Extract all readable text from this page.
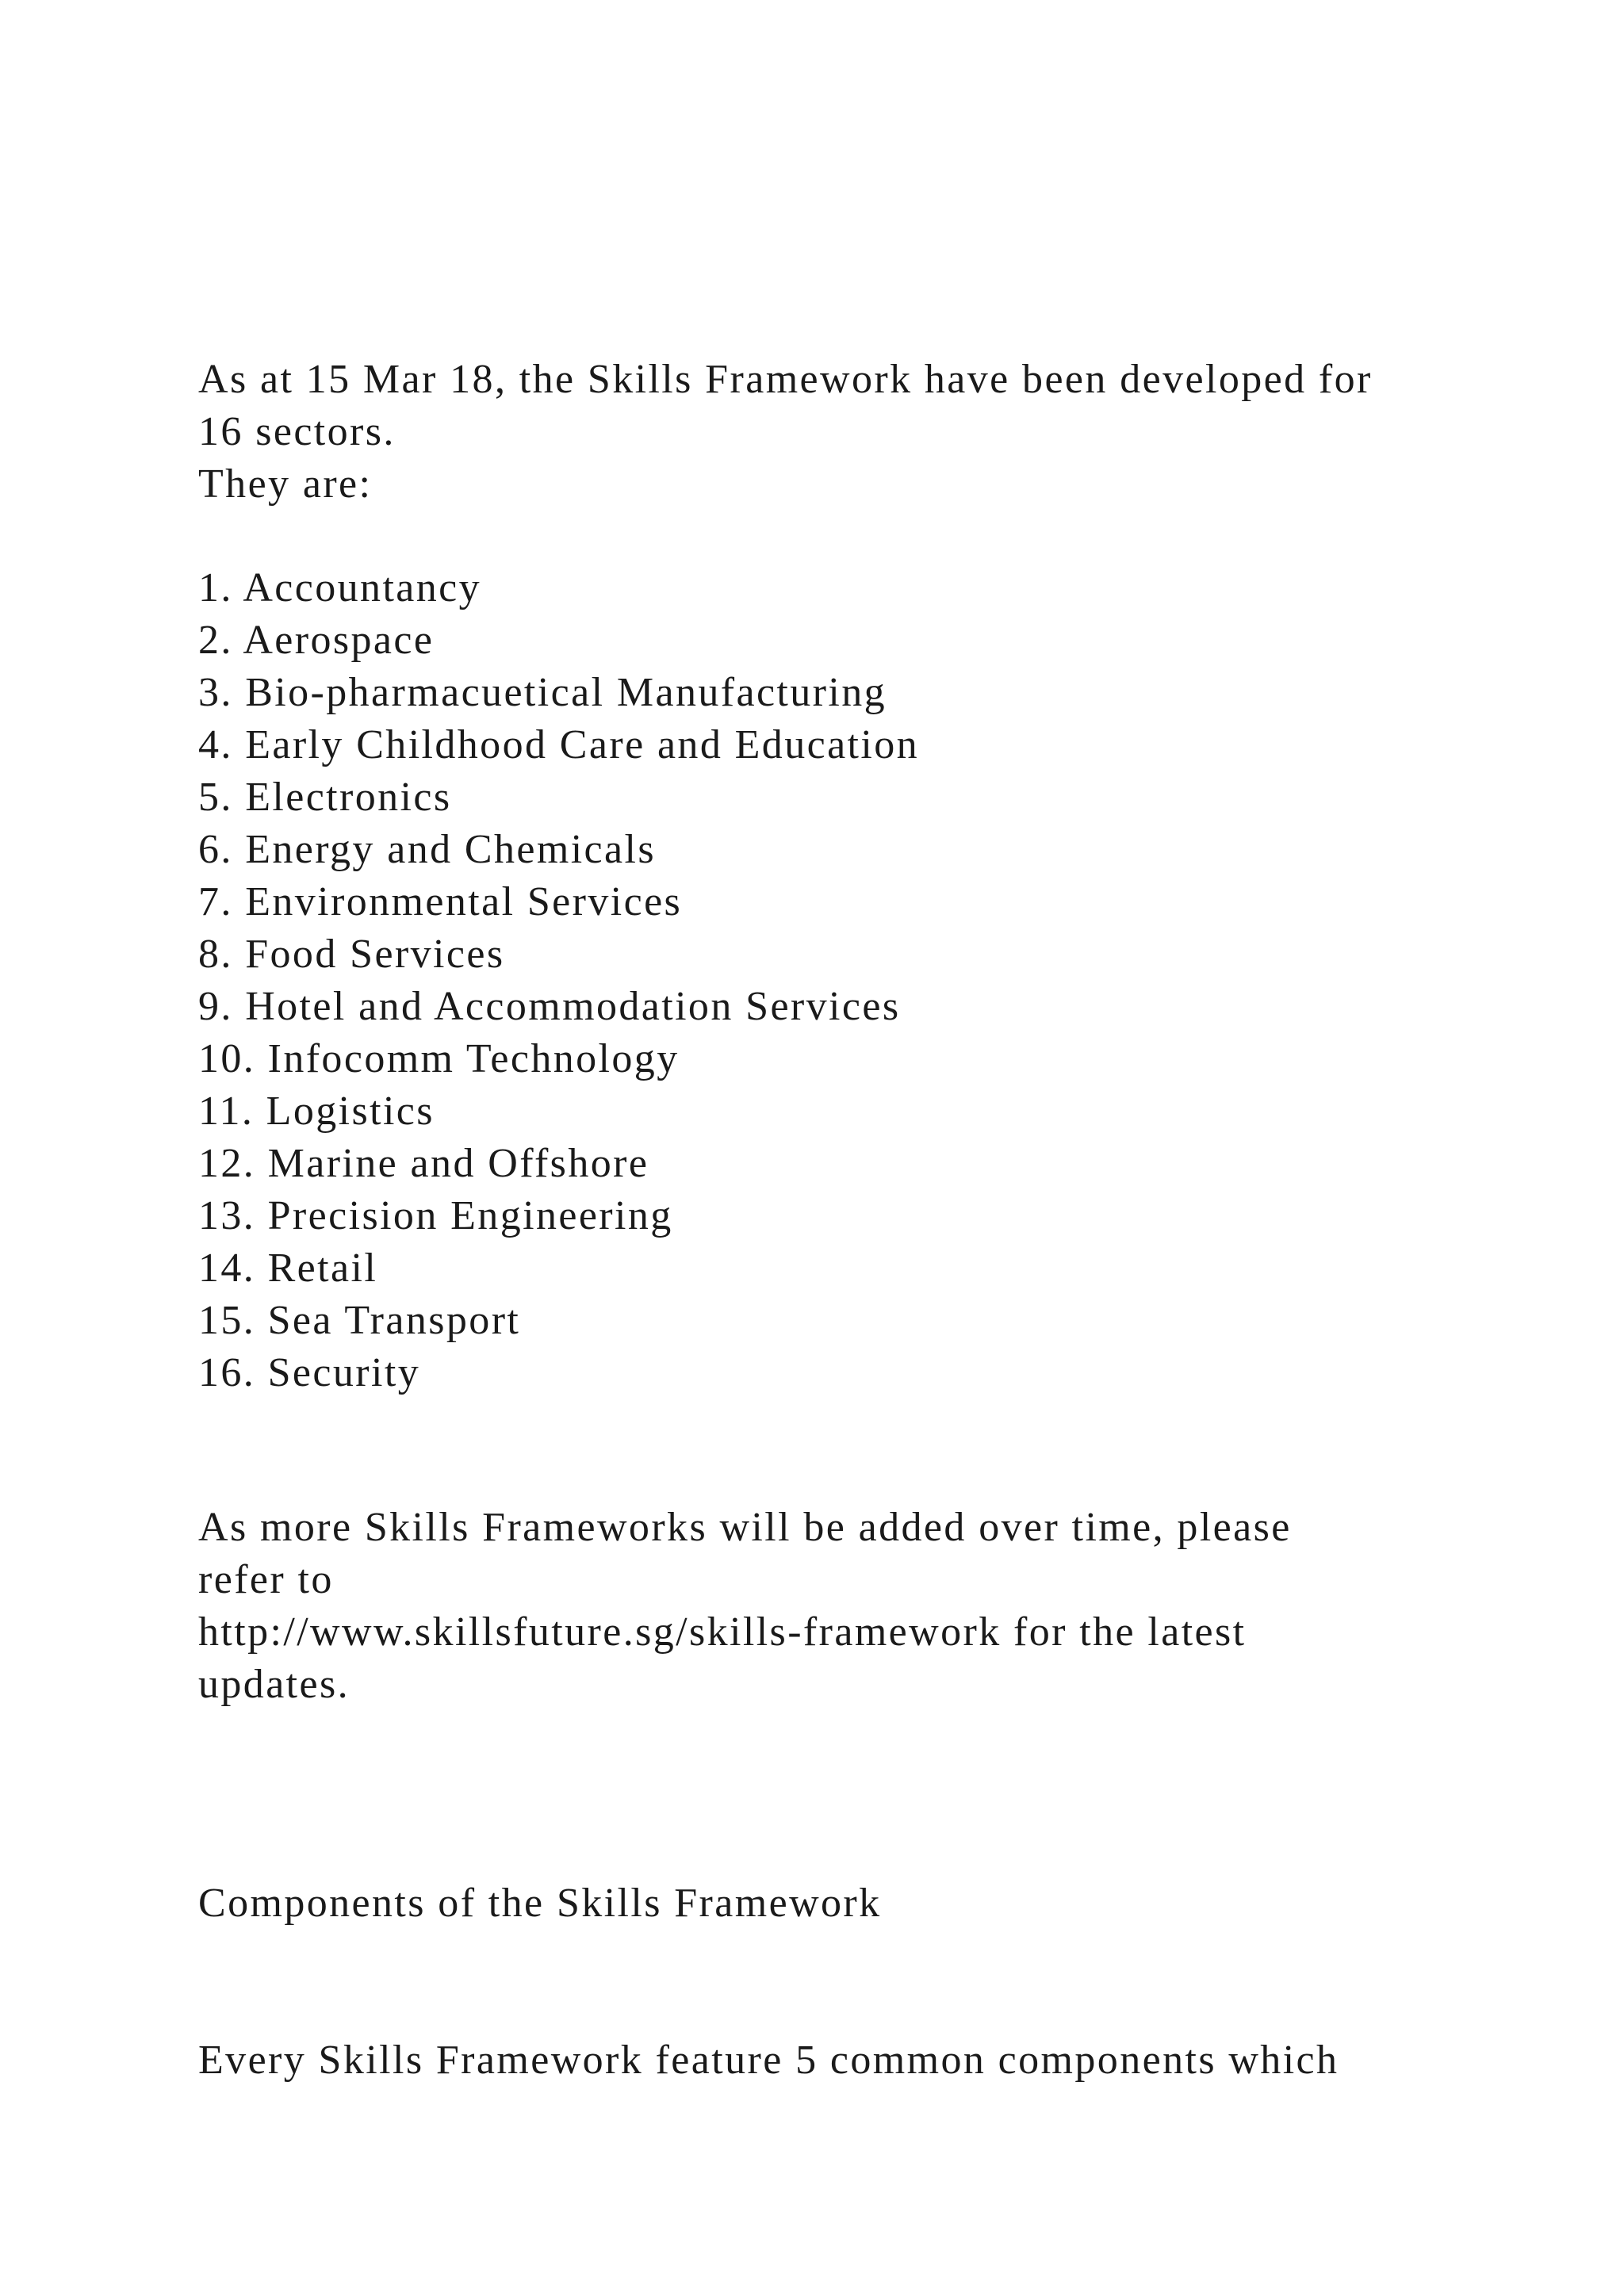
As at 15 Mar 18, the Skills Framework have been developed for
16 sectors.
They are:
1. Accountancy
2. Aerospace
3. Bio-pharmacuetical Manufacturing
4. Early Childhood Care and Education
5. Electronics
6. Energy and Chemicals
7. Environmental Services
8. Food Services
9. Hotel and Accommodation Services
10. Infocomm Technology
11. Logistics
12. Marine and Offshore
13. Precision Engineering
14. Retail
15. Sea Transport
16. Security
As more Skills Frameworks will be added over time, please
refer to
http://www.skillsfuture.sg/skills-framework for the latest
updates.
Components of the Skills Framework
Every Skills Framework feature 5 common components which
